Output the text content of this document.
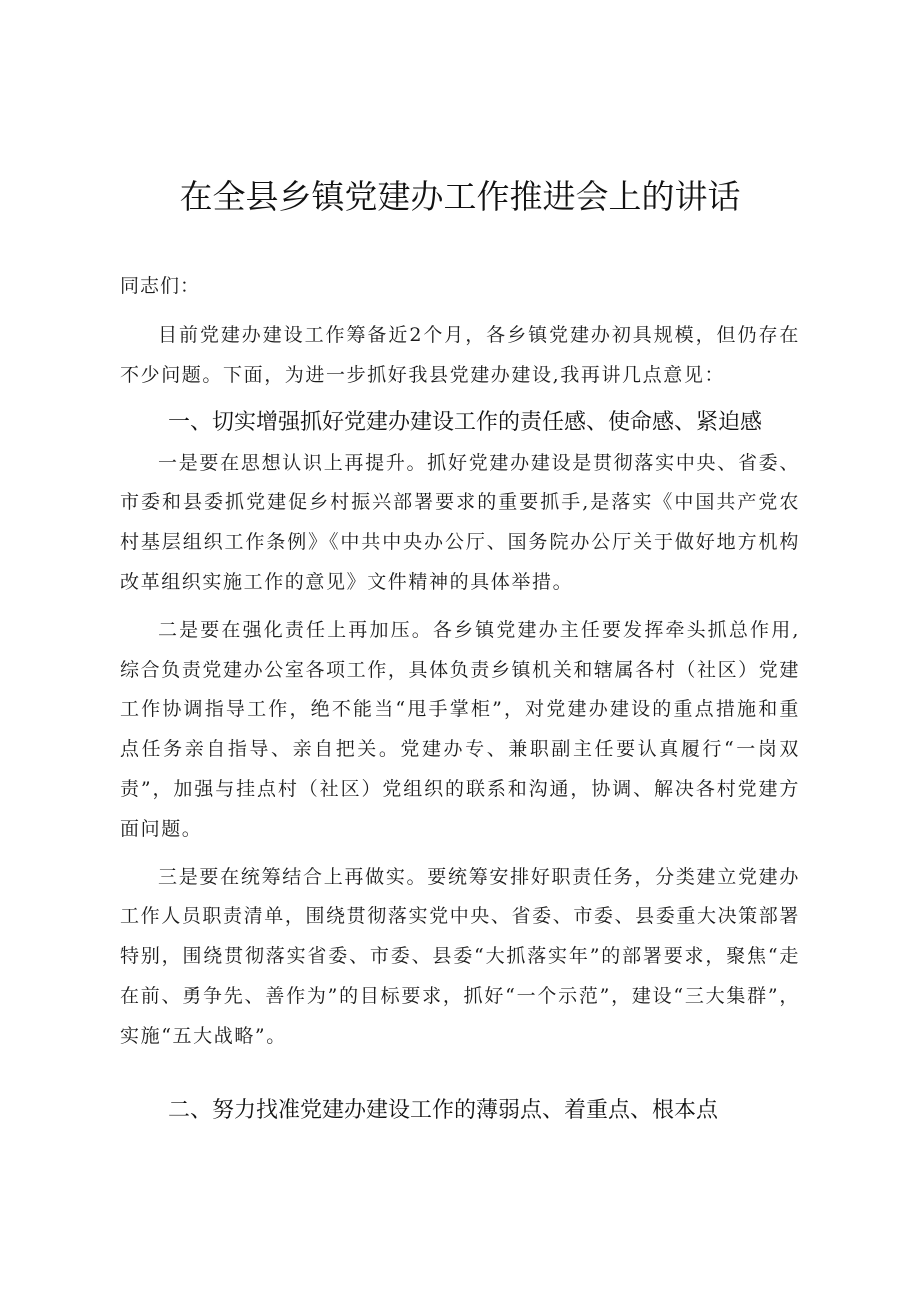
在全县乡镇党建办工作推进会上的讲话
同志们：

目前党建办建设工作筹备近2个月，各乡镇党建办初具规模，但仍存在不少问题。下面，为进一步抓好我县党建办建设,我再讲几点意见：

一、切实增强抓好党建办建设工作的责任感、使命感、紧迫感

一是要在思想认识上再提升。抓好党建办建设是贯彻落实中央、省委、市委和县委抓党建促乡村振兴部署要求的重要抓手,是落实《中国共产党农村基层组织工作条例》《中共中央办公厅、国务院办公厅关于做好地方机构改革组织实施工作的意见》文件精神的具体举措。

二是要在强化责任上再加压。各乡镇党建办主任要发挥牵头抓总作用,综合负责党建办公室各项工作，具体负责乡镇机关和辖属各村（社区）党建工作协调指导工作，绝不能当“甩手掌柜”，对党建办建设的重点措施和重点任务亲自指导、亲自把关。党建办专、兼职副主任要认真履行“一岗双责”，加强与挂点村（社区）党组织的联系和沟通，协调、解决各村党建方面问题。

三是要在统筹结合上再做实。要统筹安排好职责任务，分类建立党建办工作人员职责清单，围绕贯彻落实党中央、省委、市委、县委重大决策部署特别，围绕贯彻落实省委、市委、县委“大抓落实年”的部署要求，聚焦“走在前、勇争先、善作为”的目标要求，抓好“一个示范”，建设“三大集群”，实施“五大战略”。

二、努力找准党建办建设工作的薄弱点、着重点、根本点
